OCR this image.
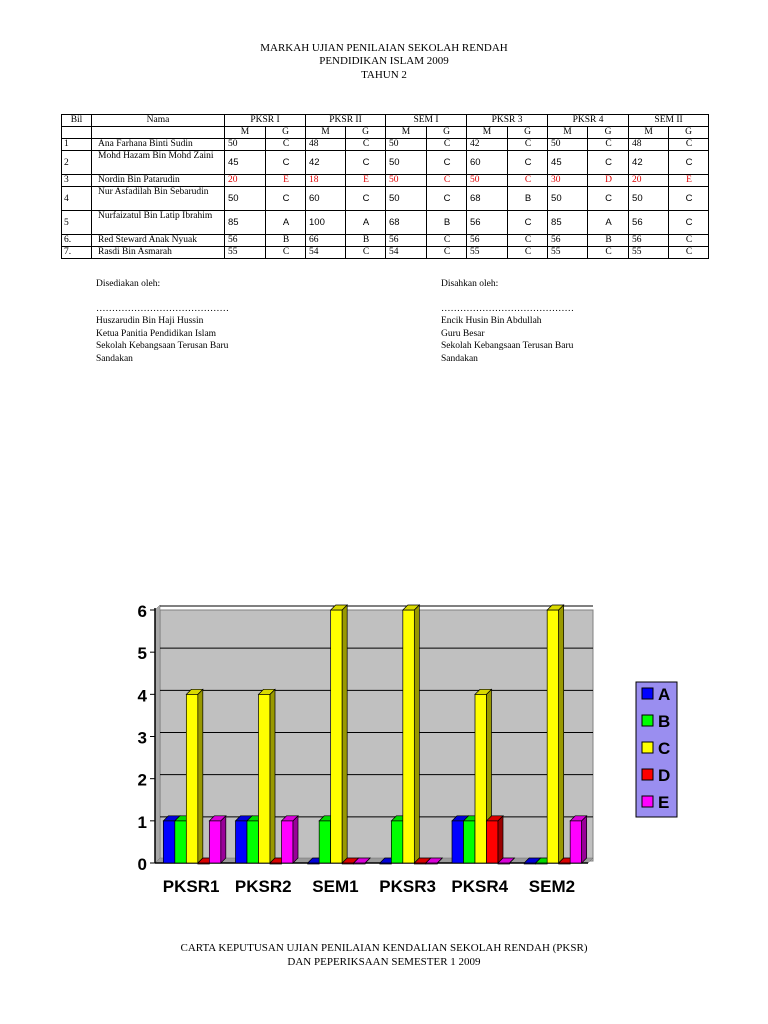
MARKAH UJIAN PENILAIAN SEKOLAH RENDAH
PENDIDIKAN ISLAM 2009
TAHUN 2
Bil	Nama	PKSR I		PKSR II		SEM I		PKSR 3		PKSR 4		SEM II	
		M	G	M	G	M	G	M	G	M	G	M	G
1	Ana Farhana Binti Sudin	50	C	48	C	50	C	42	C	50	C	48	C
2	Mohd Hazam Bin Mohd Zaini	45	C	42	C	50	C	60	C	45	C	42	C
3	Nordin Bin Patarudin	20	E	18	E	50	C	50	C	30	D	20	E
4	Nur Asfadilah Bin Sebarudin	50	C	60	C	50	C	68	B	50	C	50	C
5	Nurfaizatul Bin Latip Ibrahim	85	A	100	A	68	B	56	C	85	A	56	C
6.	Red Steward Anak Nyuak	56	B	66	B	56	C	56	C	56	B	56	C
7.	Rasdi Bin Asmarah	55	C	54	C	54	C	55	C	55	C	55	C
Disediakan oleh:
……………………………………
Huszarudin Bin Haji Hussin
Ketua Panitia Pendidikan Islam
Sekolah Kebangsaan Terusan Baru
Sandakan
Disahkan oleh:
……………………………………
Encik Husin Bin Abdullah
Guru Besar
Sekolah Kebangsaan Terusan Baru
Sandakan
0
1
2
3
4
5
6
PKSR1 PKSR2 SEM1 PKSR3 PKSR4 SEM2
A
B
C
D
E
CARTA KEPUTUSAN UJIAN PENILAIAN KENDALIAN SEKOLAH RENDAH (PKSR)
DAN PEPERIKSAAN SEMESTER 1 2009
